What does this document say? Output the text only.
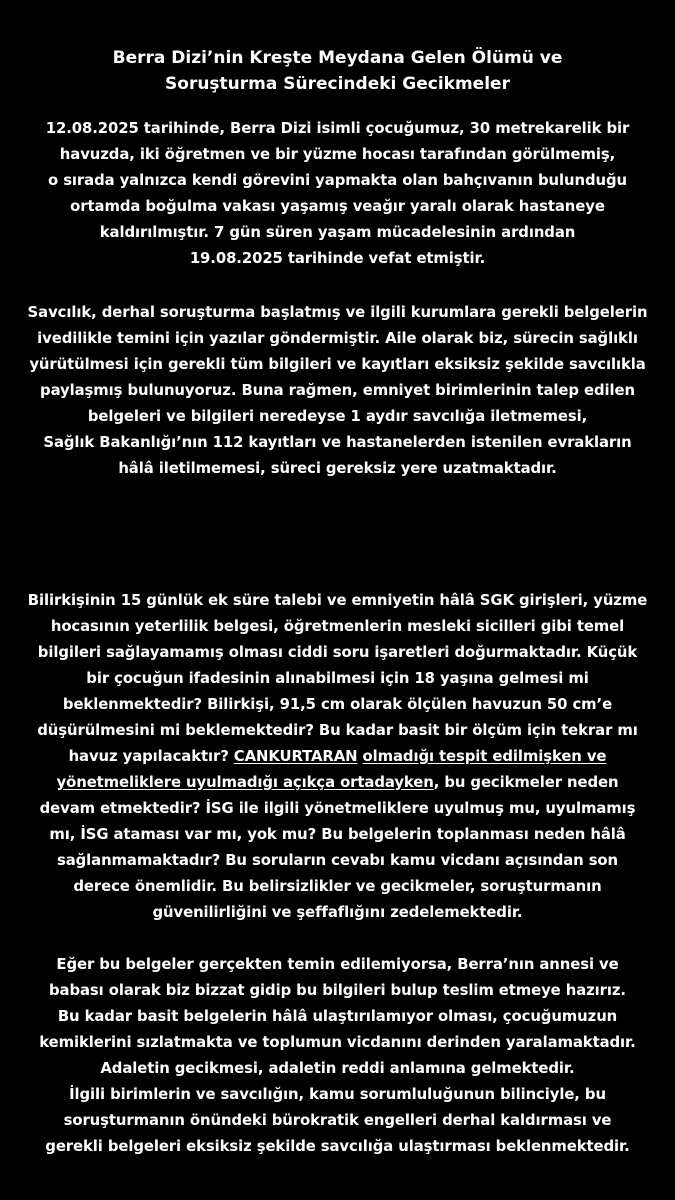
Berra Dizi’nin Kreşte Meydana Gelen Ölümü ve
Soruşturma Sürecindeki Gecikmeler
12.08.2025 tarihinde, Berra Dizi isimli çocuğumuz, 30 metrekarelik bir
havuzda, iki öğretmen ve bir yüzme hocası tarafından görülmemiş,
o sırada yalnızca kendi görevini yapmakta olan bahçıvanın bulunduğu
ortamda boğulma vakası yaşamış veağır yaralı olarak hastaneye
kaldırılmıştır. 7 gün süren yaşam mücadelesinin ardından
19.08.2025 tarihinde vefat etmiştir.
Savcılık, derhal soruşturma başlatmış ve ilgili kurumlara gerekli belgelerin
ivedilikle temini için yazılar göndermiştir. Aile olarak biz, sürecin sağlıklı
yürütülmesi için gerekli tüm bilgileri ve kayıtları eksiksiz şekilde savcılıkla
paylaşmış bulunuyoruz. Buna rağmen, emniyet birimlerinin talep edilen
belgeleri ve bilgileri neredeyse 1 aydır savcılığa iletmemesi,
Sağlık Bakanlığı’nın 112 kayıtları ve hastanelerden istenilen evrakların
hâlâ iletilmemesi, süreci gereksiz yere uzatmaktadır.
Bilirkişinin 15 günlük ek süre talebi ve emniyetin hâlâ SGK girişleri, yüzme
hocasının yeterlilik belgesi, öğretmenlerin mesleki sicilleri gibi temel
bilgileri sağlayamamış olması ciddi soru işaretleri doğurmaktadır. Küçük
bir çocuğun ifadesinin alınabilmesi için 18 yaşına gelmesi mi
beklenmektedir? Bilirkişi, 91,5 cm olarak ölçülen havuzun 50 cm’e
düşürülmesini mi beklemektedir? Bu kadar basit bir ölçüm için tekrar mı
havuz yapılacaktır? CANKURTARAN olmadığı tespit edilmişken ve
yönetmeliklere uyulmadığı açıkça ortadayken, bu gecikmeler neden
devam etmektedir? İSG ile ilgili yönetmeliklere uyulmuş mu, uyulmamış
mı, İSG ataması var mı, yok mu? Bu belgelerin toplanması neden hâlâ
sağlanmamaktadır? Bu soruların cevabı kamu vicdanı açısından son
derece önemlidir. Bu belirsizlikler ve gecikmeler, soruşturmanın
güvenilirliğini ve şeffaflığını zedelemektedir.
Eğer bu belgeler gerçekten temin edilemiyorsa, Berra’nın annesi ve
babası olarak biz bizzat gidip bu bilgileri bulup teslim etmeye hazırız.
Bu kadar basit belgelerin hâlâ ulaştırılamıyor olması, çocuğumuzun
kemiklerini sızlatmakta ve toplumun vicdanını derinden yaralamaktadır.
Adaletin gecikmesi, adaletin reddi anlamına gelmektedir.
İlgili birimlerin ve savcılığın, kamu sorumluluğunun bilinciyle, bu
soruşturmanın önündeki bürokratik engelleri derhal kaldırması ve
gerekli belgeleri eksiksiz şekilde savcılığa ulaştırması beklenmektedir.
